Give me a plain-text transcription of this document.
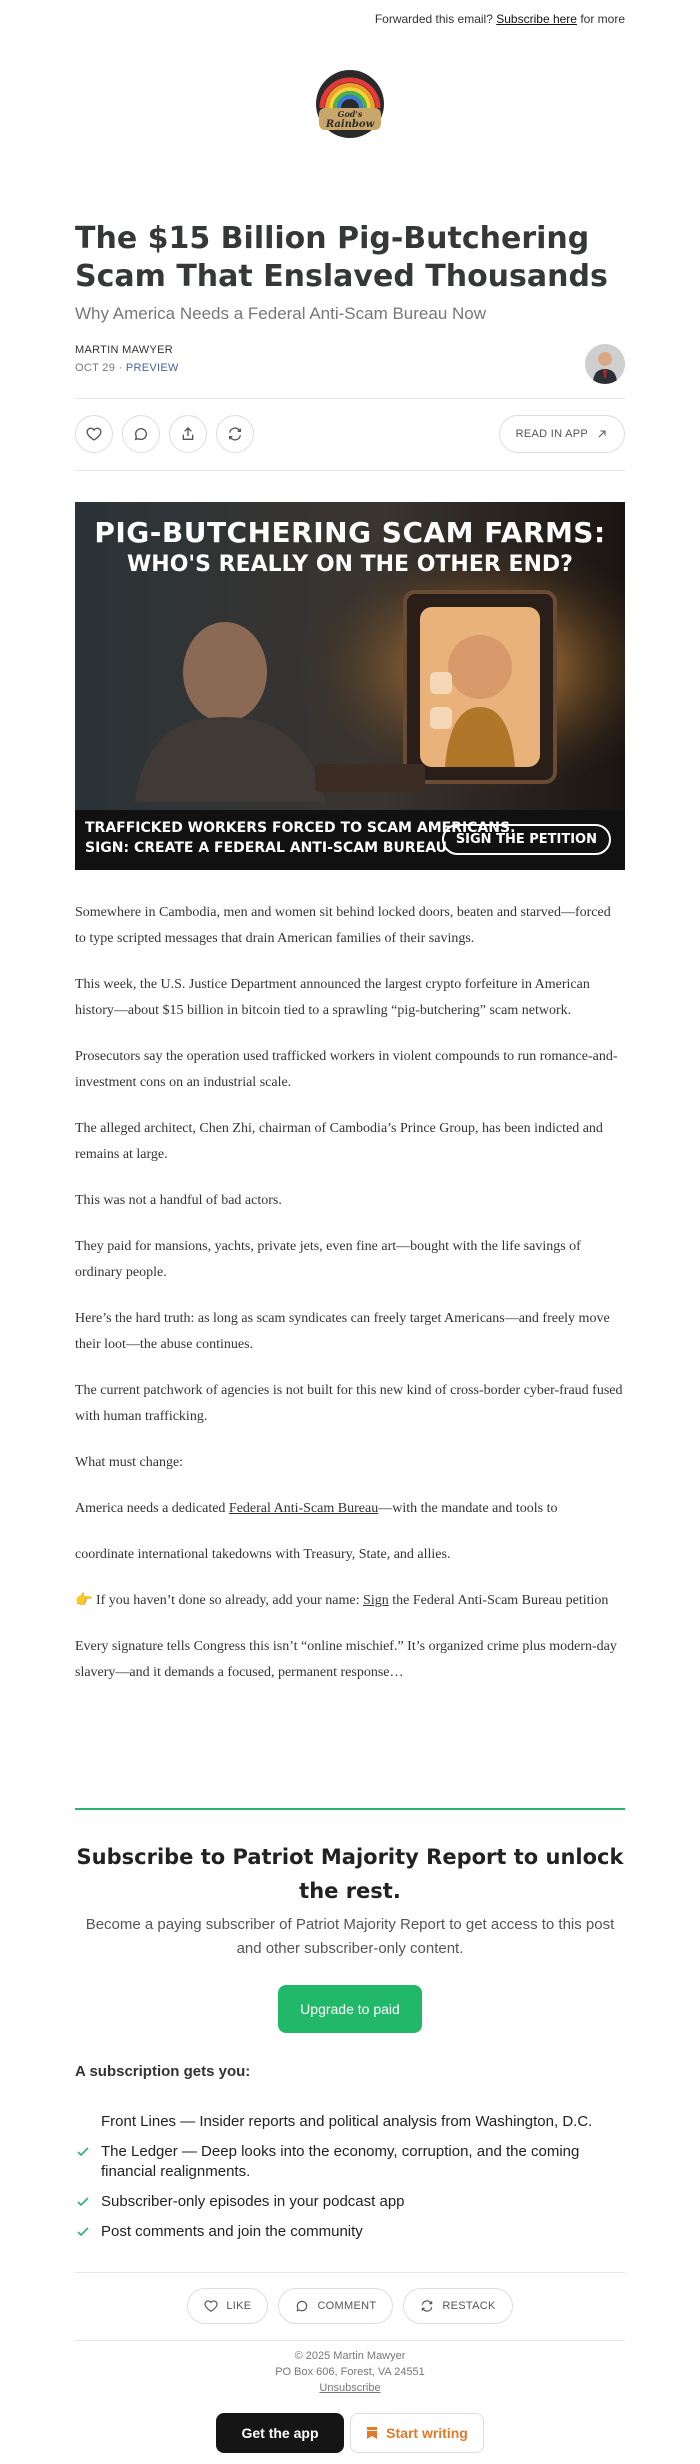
Forwarded this email? Subscribe here for more
God's
Rainbow
The $15 Billion Pig-Butchering Scam That Enslaved Thousands
Why America Needs a Federal Anti-Scam Bureau Now
MARTIN MAWYER
OCT 29 · PREVIEW
READ IN APP
PIG-BUTCHERING SCAM FARMS:
WHO'S REALLY ON THE OTHER END?
TRAFFICKED WORKERS FORCED TO SCAM AMERICANS.
SIGN: CREATE A FEDERAL ANTI-SCAM BUREAU
SIGN THE PETITION

Somewhere in Cambodia, men and women sit behind locked doors, beaten and starved—forced to type scripted messages that drain American families of their savings.

This week, the U.S. Justice Department announced the largest crypto forfeiture in American history—about $15 billion in bitcoin tied to a sprawling “pig-butchering” scam network.

Prosecutors say the operation used trafficked workers in violent compounds to run romance-and-investment cons on an industrial scale.

The alleged architect, Chen Zhi, chairman of Cambodia’s Prince Group, has been indicted and remains at large.

This was not a handful of bad actors.

They paid for mansions, yachts, private jets, even fine art—bought with the life savings of ordinary people.

Here’s the hard truth: as long as scam syndicates can freely target Americans—and freely move their loot—the abuse continues.

The current patchwork of agencies is not built for this new kind of cross-border cyber-fraud fused with human trafficking.

What must change:

America needs a dedicated Federal Anti-Scam Bureau—with the mandate and tools to

coordinate international takedowns with Treasury, State, and allies.

👉 If you haven’t done so already, add your name: Sign the Federal Anti-Scam Bureau petition

Every signature tells Congress this isn’t “online mischief.” It’s organized crime plus modern-day slavery—and it demands a focused, permanent response…

Subscribe to Patriot Majority Report to unlock the rest.
Become a paying subscriber of Patriot Majority Report to get access to this post and other subscriber-only content.
Upgrade to paid
A subscription gets you:
Front Lines — Insider reports and political analysis from Washington, D.C.
The Ledger — Deep looks into the economy, corruption, and the coming financial realignments.
Subscriber-only episodes in your podcast app
Post comments and join the community
LIKE	COMMENT	RESTACK
© 2025 Martin Mawyer
PO Box 606, Forest, VA 24551
Unsubscribe
Get the app	Start writing
